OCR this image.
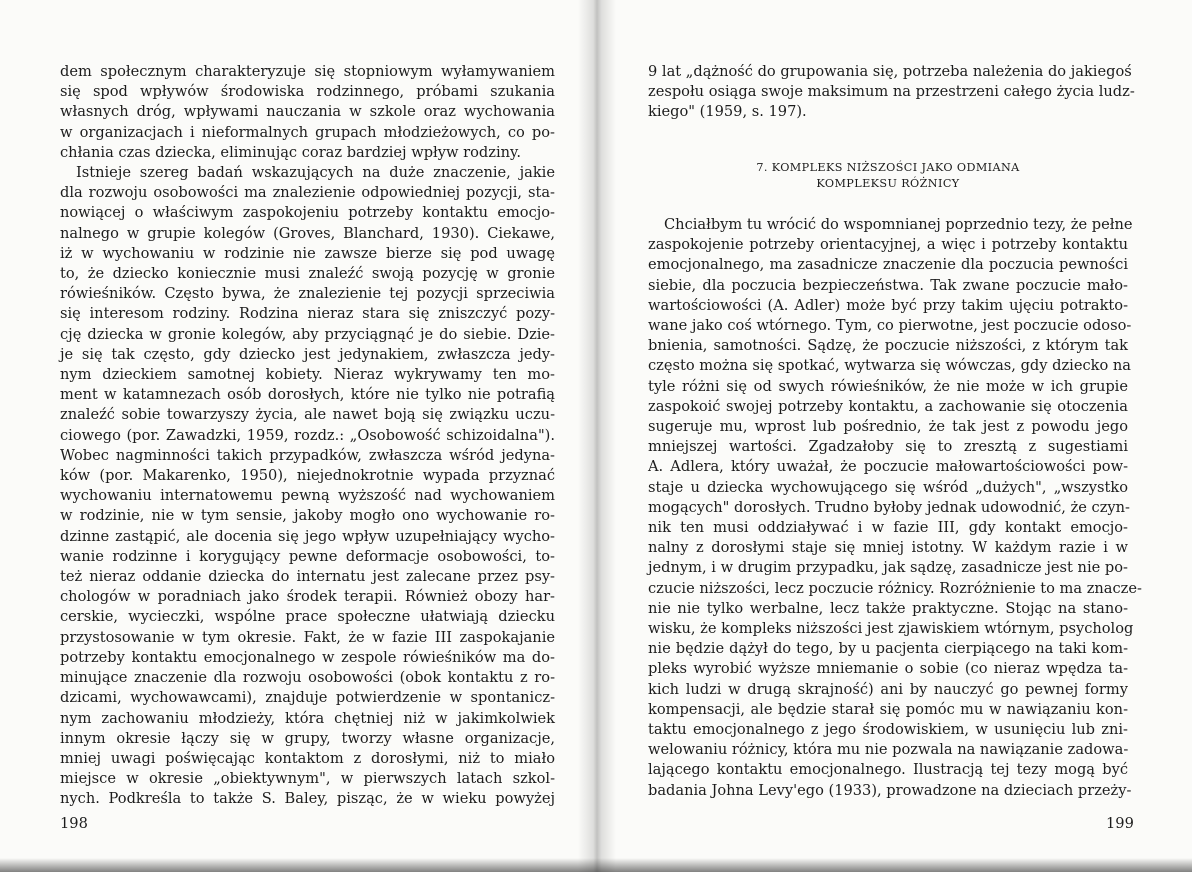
dem społecznym charakteryzuje się stopniowym wyłamywaniem
się spod wpływów środowiska rodzinnego, próbami szukania
własnych dróg, wpływami nauczania w szkole oraz wychowania
w organizacjach i nieformalnych grupach młodzieżowych, co po-
chłania czas dziecka, eliminując coraz bardziej wpływ rodziny.
Istnieje szereg badań wskazujących na duże znaczenie, jakie
dla rozwoju osobowości ma znalezienie odpowiedniej pozycji, sta-
nowiącej o właściwym zaspokojeniu potrzeby kontaktu emocjo-
nalnego w grupie kolegów (Groves, Blanchard, 1930). Ciekawe,
iż w wychowaniu w rodzinie nie zawsze bierze się pod uwagę
to, że dziecko koniecznie musi znaleźć swoją pozycję w gronie
rówieśników. Często bywa, że znalezienie tej pozycji sprzeciwia
się interesom rodziny. Rodzina nieraz stara się zniszczyć pozy-
cję dziecka w gronie kolegów, aby przyciągnąć je do siebie. Dzie-
je się tak często, gdy dziecko jest jedynakiem, zwłaszcza jedy-
nym dzieckiem samotnej kobiety. Nieraz wykrywamy ten mo-
ment w katamnezach osób dorosłych, które nie tylko nie potrafią
znaleźć sobie towarzyszy życia, ale nawet boją się związku uczu-
ciowego (por. Zawadzki, 1959, rozdz.: „Osobowość schizoidalna").
Wobec nagminności takich przypadków, zwłaszcza wśród jedyna-
ków (por. Makarenko, 1950), niejednokrotnie wypada przyznać
wychowaniu internatowemu pewną wyższość nad wychowaniem
w rodzinie, nie w tym sensie, jakoby mogło ono wychowanie ro-
dzinne zastąpić, ale docenia się jego wpływ uzupełniający wycho-
wanie rodzinne i korygujący pewne deformacje osobowości, to-
też nieraz oddanie dziecka do internatu jest zalecane przez psy-
chologów w poradniach jako środek terapii. Również obozy har-
cerskie, wycieczki, wspólne prace społeczne ułatwiają dziecku
przystosowanie w tym okresie. Fakt, że w fazie III zaspokajanie
potrzeby kontaktu emocjonalnego w zespole rówieśników ma do-
minujące znaczenie dla rozwoju osobowości (obok kontaktu z ro-
dzicami, wychowawcami), znajduje potwierdzenie w spontanicz-
nym zachowaniu młodzieży, która chętniej niż w jakimkolwiek
innym okresie łączy się w grupy, tworzy własne organizacje,
mniej uwagi poświęcając kontaktom z dorosłymi, niż to miało
miejsce w okresie „obiektywnym", w pierwszych latach szkol-
nych. Podkreśla to także S. Baley, pisząc, że w wieku powyżej
198
9 lat „dążność do grupowania się, potrzeba należenia do jakiegoś
zespołu osiąga swoje maksimum na przestrzeni całego życia ludz-
kiego" (1959, s. 197).
7. KOMPLEKS NIŻSZOŚCI JAKO ODMIANA
KOMPLEKSU RÓŻNICY
Chciałbym tu wrócić do wspomnianej poprzednio tezy, że pełne
zaspokojenie potrzeby orientacyjnej, a więc i potrzeby kontaktu
emocjonalnego, ma zasadnicze znaczenie dla poczucia pewności
siebie, dla poczucia bezpieczeństwa. Tak zwane poczucie mało-
wartościowości (A. Adler) może być przy takim ujęciu potrakto-
wane jako coś wtórnego. Tym, co pierwotne, jest poczucie odoso-
bnienia, samotności. Sądzę, że poczucie niższości, z którym tak
często można się spotkać, wytwarza się wówczas, gdy dziecko na
tyle różni się od swych rówieśników, że nie może w ich grupie
zaspokoić swojej potrzeby kontaktu, a zachowanie się otoczenia
sugeruje mu, wprost lub pośrednio, że tak jest z powodu jego
mniejszej wartości. Zgadzałoby się to zresztą z sugestiami
A. Adlera, który uważał, że poczucie małowartościowości pow-
staje u dziecka wychowującego się wśród „dużych", „wszystko
mogących" dorosłych. Trudno byłoby jednak udowodnić, że czyn-
nik ten musi oddziaływać i w fazie III, gdy kontakt emocjo-
nalny z dorosłymi staje się mniej istotny. W każdym razie i w
jednym, i w drugim przypadku, jak sądzę, zasadnicze jest nie po-
czucie niższości, lecz poczucie różnicy. Rozróżnienie to ma znacze-
nie nie tylko werbalne, lecz także praktyczne. Stojąc na stano-
wisku, że kompleks niższości jest zjawiskiem wtórnym, psycholog
nie będzie dążył do tego, by u pacjenta cierpiącego na taki kom-
pleks wyrobić wyższe mniemanie o sobie (co nieraz wpędza ta-
kich ludzi w drugą skrajność) ani by nauczyć go pewnej formy
kompensacji, ale będzie starał się pomóc mu w nawiązaniu kon-
taktu emocjonalnego z jego środowiskiem, w usunięciu lub zni-
welowaniu różnicy, która mu nie pozwala na nawiązanie zadowa-
lającego kontaktu emocjonalnego. Ilustracją tej tezy mogą być
badania Johna Levy'ego (1933), prowadzone na dzieciach przeży-
199
